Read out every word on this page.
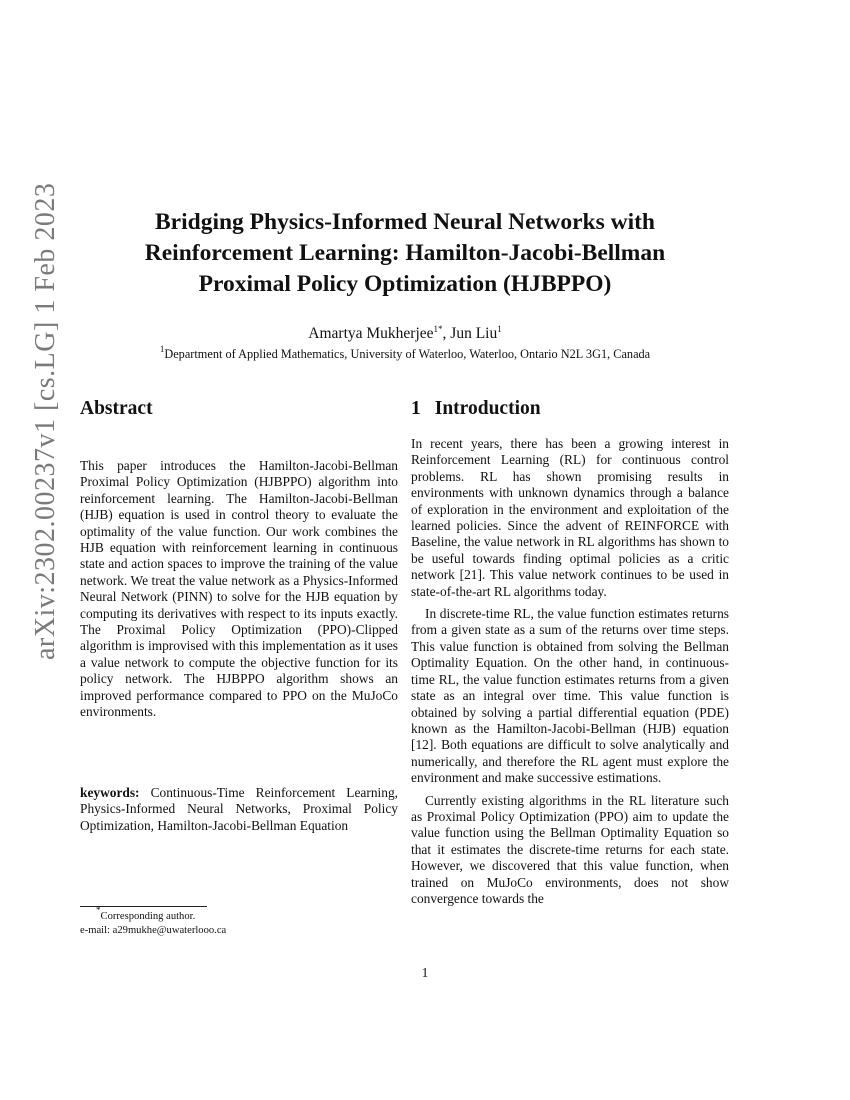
arXiv:2302.00237v1 [cs.LG] 1 Feb 2023	Bridging Physics-Informed Neural Networks with
Reinforcement Learning: Hamilton-Jacobi-Bellman
Proximal Policy Optimization (HJBPPO)
Amartya Mukherjee$^{1*}$, Jun Liu$^1$
$^1$Department of Applied Mathematics, University of Waterloo, Waterloo, Ontario N2L 3G1, Canada
Abstract

This paper introduces the Hamilton-Jacobi-Bellman Proximal Policy Optimization (HJBPPO) algorithm into reinforcement learning. The Hamilton-Jacobi-Bellman (HJB) equation is used in control theory to evaluate the optimality of the value function. Our work combines the HJB equation with reinforcement learning in continuous state and action spaces to improve the training of the value network. We treat the value network as a Physics-Informed Neural Network (PINN) to solve for the HJB equation by computing its derivatives with respect to its inputs exactly. The Proximal Policy Optimization (PPO)-Clipped algorithm is improvised with this implementation as it uses a value network to compute the objective function for its policy network. The HJBPPO algorithm shows an improved performance compared to PPO on the MuJoCo environments.

keywords: Continuous-Time Reinforcement Learning, Physics-Informed Neural Networks, Proximal Policy Optimization, Hamilton-Jacobi-Bellman Equation

1 Introduction

In recent years, there has been a growing interest in Reinforcement Learning (RL) for continuous control problems. RL has shown promising results in environments with unknown dynamics through a balance of exploration in the environment and exploitation of the learned policies. Since the advent of REINFORCE with Baseline, the value network in RL algorithms has shown to be useful towards finding optimal policies as a critic network [21]. This value network continues to be used in state-of-the-art RL algorithms today.

In discrete-time RL, the value function estimates returns from a given state as a sum of the returns over time steps. This value function is obtained from solving the Bellman Optimality Equation. On the other hand, in continuous-time RL, the value function estimates returns from a given state as an integral over time. This value function is obtained by solving a partial differential equation (PDE) known as the Hamilton-Jacobi-Bellman (HJB) equation [12]. Both equations are difficult to solve analytically and numerically, and therefore the RL agent must explore the environment and make successive estimations.

Currently existing algorithms in the RL literature such as Proximal Policy Optimization (PPO) aim to update the value function using the Bellman Optimality Equation so that it estimates the discrete-time returns for each state. However, we discovered that this value function, when trained on MuJoCo environments, does not show convergence towards the

*Corresponding author.
e-mail: a29mukhe@uwaterlooo.ca
1
